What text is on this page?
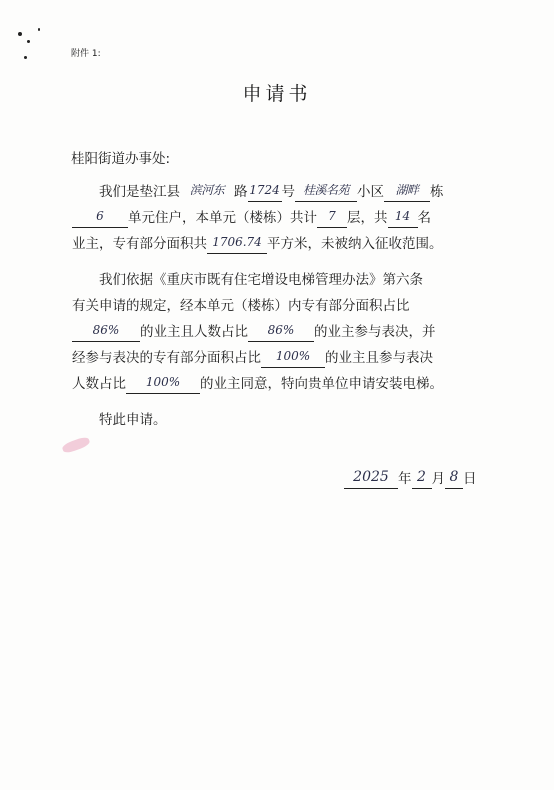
附件 1:
申请书
桂阳街道办事处:
我们是垫江县 滨河东 路 1724 号 桂溪名苑 小区 湖畔 栋
6 单元住户，本单元（楼栋）共计 7 层，共 14 名
业主，专有部分面积共 1706.74 平方米，未被纳入征收范围。
我们依据《重庆市既有住宅增设电梯管理办法》第六条
有关申请的规定，经本单元（楼栋）内专有部分面积占比
86% 的业主且人数占比 86% 的业主参与表决，并
经参与表决的专有部分面积占比 100% 的业主且参与表决
人数占比 100% 的业主同意，特向贵单位申请安装电梯。
特此申请。
2025 年 2 月 8 日
